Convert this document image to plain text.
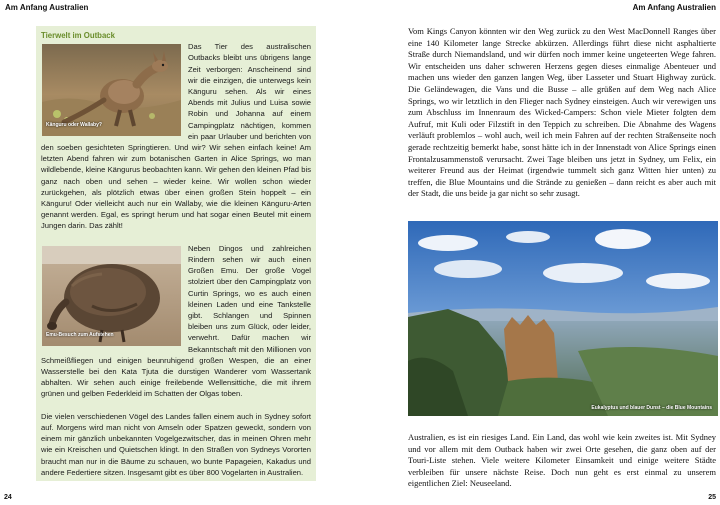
Am Anfang Australien
Tierwelt im Outback

Känguru oder Wallaby?
Das Tier des australischen Outbacks bleibt uns übrigens lange Zeit verborgen: Anscheinend sind wir die einzigen, die unterwegs kein Känguru sehen. Als wir eines Abends mit Julius und Luisa sowie Robin und Johanna auf einem Campingplatz nächtigen, kommen ein paar Urlauber und berichten von den soeben gesichteten Springtieren. Und wir? Wir sehen einfach keine! Am letzten Abend fahren wir zum botanischen Garten in Alice Springs, wo man wildlebende, kleine Kängurus beobachten kann. Wir gehen den kleinen Pfad bis ganz nach oben und sehen – wieder keine. Wir wollen schon wieder zurückgehen, als plötzlich etwas über einen großen Stein hoppelt – ein Känguru! Oder vielleicht auch nur ein Wallaby, wie die kleinen Känguru-Arten genannt werden. Egal, es springt herum und hat sogar einen Beutel mit einem Jungen darin. Das zählt!

Emu-Besuch zum Aufstehen
Neben Dingos und zahlreichen Rindern sehen wir auch einen Großen Emu. Der große Vogel stolziert über den Campingplatz von Curtin Springs, wo es auch einen kleinen Laden und eine Tankstelle gibt. Schlangen und Spinnen bleiben uns zum Glück, oder leider, verwehrt. Dafür machen wir Bekanntschaft mit den Millionen von Schmeißfliegen und einigen beunruhigend großen Wespen, die an einer Wasserstelle bei den Kata Tjuta die durstigen Wanderer vom Wassertank abhalten. Wir sehen auch einige freilebende Wellensittiche, die mit ihrem grünen und gelben Federkleid im Schatten der Olgas toben.

Die vielen verschiedenen Vögel des Landes fallen einem auch in Sydney sofort auf. Morgens wird man nicht von Amseln oder Spatzen geweckt, sondern von einem mir gänzlich unbekannten Vogelgezwitscher, das in meinen Ohren mehr wie ein Kreischen und Quietschen klingt. In den Straßen von Sydneys Vororten braucht man nur in die Bäume zu schauen, wo bunte Papageien, Kakadus und andere Federtiere sitzen. Insgesamt gibt es über 800 Vogelarten in Australien.

24
Am Anfang Australien
25
Vom Kings Canyon könnten wir den Weg zurück zu den West MacDonnell Ranges über eine 140 Kilometer lange Strecke abkürzen. Allerdings führt diese nicht asphaltierte Straße durch Niemandsland, und wir dürfen noch immer keine ungeteerten Wege fahren. Wir entscheiden uns daher schweren Herzens gegen dieses einmalige Abenteuer und machen uns wieder den ganzen langen Weg, über Lasseter und Stuart Highway zurück. Die Geländewagen, die Vans und die Busse – alle grüßen auf dem Weg nach Alice Springs, wo wir letztlich in den Flieger nach Sydney einsteigen. Auch wir verewigen uns zum Abschluss im Innenraum des Wicked-Campers: Schon viele Mieter folgten dem Aufruf, mit Kuli oder Filzstift in den Teppich zu schreiben. Die Abnahme des Wagens verläuft problemlos – wohl auch, weil ich mein Fahren auf der rechten Straßenseite noch gerade rechtzeitig bemerkt habe, sonst hätte ich in der Innenstadt von Alice Springs einen Frontalzusammenstoß verursacht. Zwei Tage bleiben uns jetzt in Sydney, um Felix, ein weiterer Freund aus der Heimat (irgendwie tummelt sich ganz Witten hier unten) zu treffen, die Blue Mountains und die Strände zu genießen – dann reicht es aber auch mit der Stadt, die uns beide ja gar nicht so sehr zusagt.
Eukalyptus und blauer Dunst – die Blue Mountains
Australien, es ist ein riesiges Land. Ein Land, das wohl wie kein zweites ist. Mit Sydney und vor allem mit dem Outback haben wir zwei Orte gesehen, die ganz oben auf der Touri-Liste stehen. Viele weitere Kilometer Einsamkeit und einige weitere Städte verbleiben für unsere nächste Reise. Doch nun geht es erst einmal zu unserem eigentlichen Ziel: Neuseeland.
